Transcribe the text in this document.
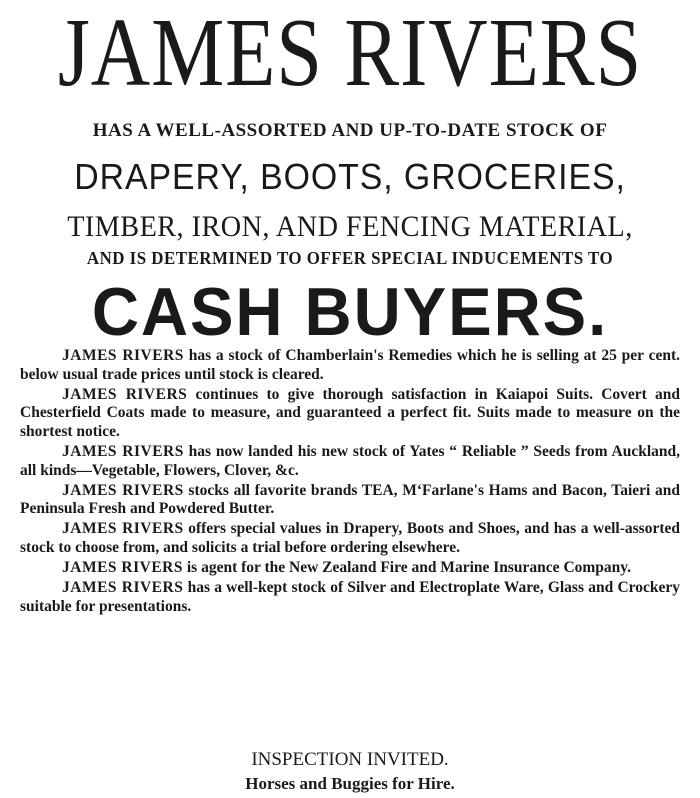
JAMES RIVERS
HAS A WELL-ASSORTED AND UP-TO-DATE STOCK OF
DRAPERY, BOOTS, GROCERIES,
TIMBER, IRON, AND FENCING MATERIAL,
AND IS DETERMINED TO OFFER SPECIAL INDUCEMENTS TO
CASH BUYERS.

JAMES RIVERS has a stock of Chamberlain's Remedies which he is selling at 25 per cent. below usual trade prices until stock is cleared.

JAMES RIVERS continues to give thorough satisfaction in Kaiapoi Suits. Covert and Chesterfield Coats made to measure, and guaranteed a perfect fit. Suits made to measure on the shortest notice.

JAMES RIVERS has now landed his new stock of Yates “ Reliable ” Seeds from Auckland, all kinds—Vegetable, Flowers, Clover, &c.

JAMES RIVERS stocks all favorite brands TEA, M‘Farlane's Hams and Bacon, Taieri and Peninsula Fresh and Powdered Butter.

JAMES RIVERS offers special values in Drapery, Boots and Shoes, and has a well-assorted stock to choose from, and solicits a trial before ordering elsewhere.

JAMES RIVERS is agent for the New Zealand Fire and Marine Insurance Company.

JAMES RIVERS has a well-kept stock of Silver and Electroplate Ware, Glass and Crockery suitable for presentations.

INSPECTION INVITED.
Horses and Buggies for Hire.
